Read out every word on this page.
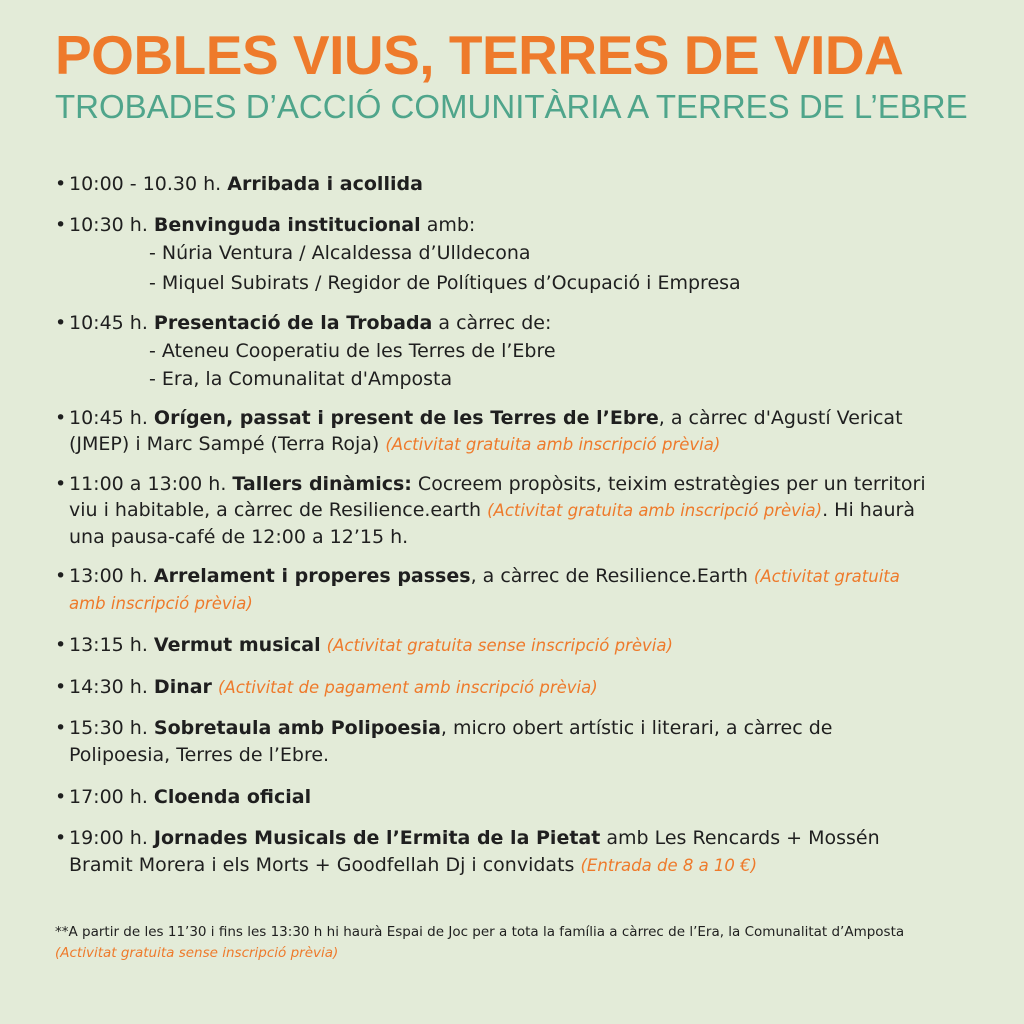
POBLES VIUS, TERRES DE VIDA
TROBADES D’ACCIÓ COMUNITÀRIA A TERRES DE L’EBRE

• 10:00 - 10.30 h. Arribada i acollida

• 10:30 h. Benvinguda institucional amb:

- Núria Ventura / Alcaldessa d’Ulldecona

- Miquel Subirats / Regidor de Polítiques d’Ocupació i Empresa

• 10:45 h. Presentació de la Trobada a càrrec de:

- Ateneu Cooperatiu de les Terres de l’Ebre

- Era, la Comunalitat d'Amposta

• 10:45 h. Orígen, passat i present de les Terres de l’Ebre, a càrrec d'Agustí Vericat (JMEP) i Marc Sampé (Terra Roja) (Activitat gratuita amb inscripció prèvia)

• 11:00 a 13:00 h. Tallers dinàmics: Cocreem propòsits, teixim estratègies per un territori viu i habitable, a càrrec de Resilience.earth (Activitat gratuita amb inscripció prèvia). Hi haurà una pausa-café de 12:00 a 12’15 h.

• 13:00 h. Arrelament i properes passes, a càrrec de Resilience.Earth (Activitat gratuita amb inscripció prèvia)

• 13:15 h. Vermut musical (Activitat gratuita sense inscripció prèvia)

• 14:30 h. Dinar (Activitat de pagament amb inscripció prèvia)

• 15:30 h. Sobretaula amb Polipoesia, micro obert artístic i literari, a càrrec de Polipoesia, Terres de l’Ebre.

• 17:00 h. Cloenda oficial

• 19:00 h. Jornades Musicals de l’Ermita de la Pietat amb Les Rencards + Mossén Bramit Morera i els Morts + Goodfellah Dj i convidats (Entrada de 8 a 10 €)

**A partir de les 11’30 i fins les 13:30 h hi haurà Espai de Joc per a tota la família a càrrec de l’Era, la Comunalitat d’Amposta (Activitat gratuita sense inscripció prèvia)
